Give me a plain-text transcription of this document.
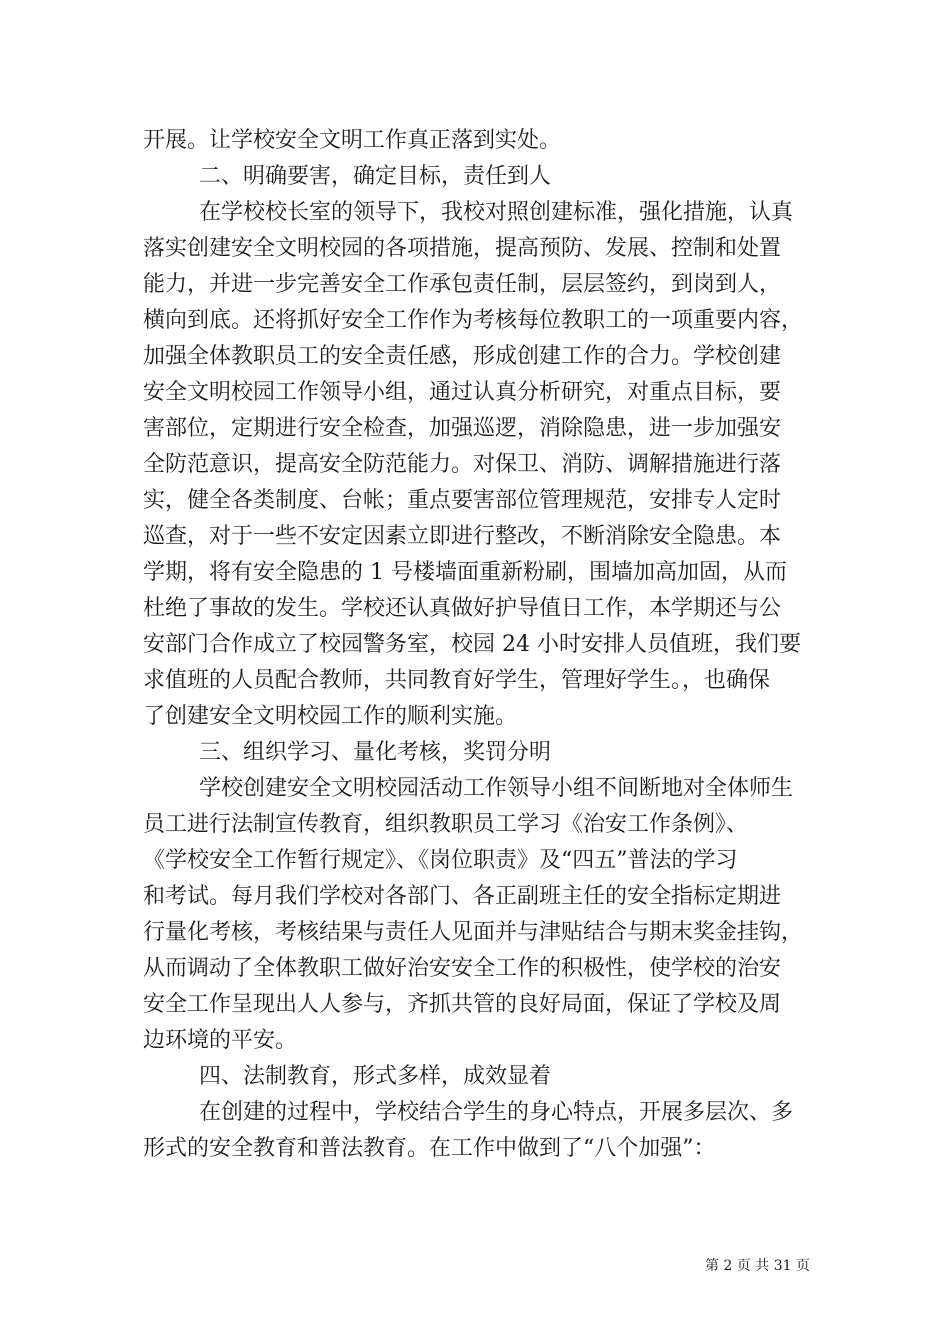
开展。让学校安全文明工作真正落到实处。
二、明确要害，确定目标，责任到人
在学校校长室的领导下，我校对照创建标准，强化措施，认真
落实创建安全文明校园的各项措施，提高预防、发展、控制和处置
能力，并进一步完善安全工作承包责任制，层层签约，到岗到人，
横向到底。还将抓好安全工作作为考核每位教职工的一项重要内容，
加强全体教职员工的安全责任感，形成创建工作的合力。学校创建
安全文明校园工作领导小组，通过认真分析研究，对重点目标，要
害部位，定期进行安全检查，加强巡逻，消除隐患，进一步加强安
全防范意识，提高安全防范能力。对保卫、消防、调解措施进行落
实，健全各类制度、台帐；重点要害部位管理规范，安排专人定时
巡查，对于一些不安定因素立即进行整改，不断消除安全隐患。本
学期，将有安全隐患的 1 号楼墙面重新粉刷，围墙加高加固，从而
杜绝了事故的发生。学校还认真做好护导值日工作，本学期还与公
安部门合作成立了校园警务室，校园 24 小时安排人员值班，我们要
求值班的人员配合教师，共同教育好学生，管理好学生。，也确保
了创建安全文明校园工作的顺利实施。
三、组织学习、量化考核，奖罚分明
学校创建安全文明校园活动工作领导小组不间断地对全体师生
员工进行法制宣传教育，组织教职员工学习《治安工作条例》、
《学校安全工作暂行规定》、《岗位职责》及“四五”普法的学习
和考试。每月我们学校对各部门、各正副班主任的安全指标定期进
行量化考核，考核结果与责任人见面并与津贴结合与期末奖金挂钩，
从而调动了全体教职工做好治安安全工作的积极性，使学校的治安
安全工作呈现出人人参与，齐抓共管的良好局面，保证了学校及周
边环境的平安。
四、法制教育，形式多样，成效显着
在创建的过程中，学校结合学生的身心特点，开展多层次、多
形式的安全教育和普法教育。在工作中做到了“八个加强”：
第 2 页 共 31 页
